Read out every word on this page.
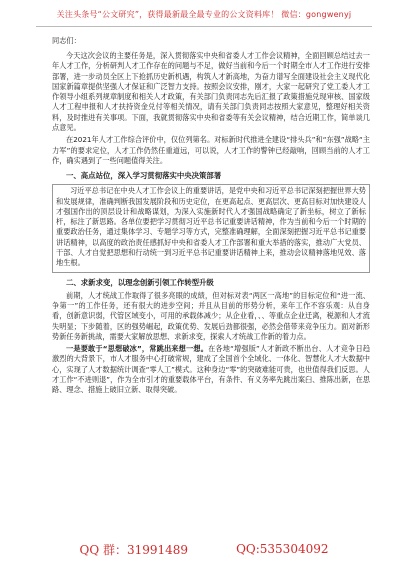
关注头条号“公文研究”，获得最新最全最专业的公文资料库！ 微信：gongwenyj

同志们：

今天这次会议的主要任务是，深入贯彻落实中央和省委人才工作会议精神，全面回顾总结过去一年人才工作，分析研判人才工作存在的问题与不足，做好当前和今后一个时期全市人才工作进行安排部署，进一步动员全区上下抢抓历史新机遇，构筑人才新高地，为奋力谱写全面建设社会主义现代化国家新篇章提供坚强人才保证和广泛智力支持。按照会议安排，刚才，大家一起研究了党工委人才工作领导小组系列规章制度和相关人才政策，有关部门负责同志先后汇报了政策措施兑现审核、国家级人才工程申报和人才扶持资金兑付等相关情况，请有关部门负责同志按照大家意见，整理好相关资料，及时推进有关事项。下面，我就贯彻落实中央和省委等有关会议精神，结合近期工作，简单谈几点意见。

在2021年人才工作综合评价中，仅位列第名。对标新时代推进全建设“排头兵”和“东强”战略“主力军”的要求定位，人才工作仍然任重道远，可以说，人才工作的警钟已经敲响，回顾当前的人才工作，确实遇到了一些问题值得关注。

一、高点站位，深入学习贯彻落实中央决策部署

习近平总书记在中央人才工作会议上的重要讲话，是党中央和习近平总书记深刻把握世界大势和发展规律，准确判断我国发展阶段和历史定位，在更高起点、更高层次、更高目标对加快建设人才强国作出的顶层设计和战略谋划，为深入实施新时代人才强国战略确定了新坐标，树立了新标杆，标注了新思路。各单位要把学习贯彻习近平总书记重要讲话精神，作为当前和今后一个时期的重要政治任务，通过集体学习、专题学习等方式，完整准确理解，全面深刻把握习近平总书记重要讲话精神，以高度的政治责任感抓好中央和省委人才工作部署和重大举措的落实，推动广大党员、干部、人才自觉把思想和行动统一到习近平总书记重要讲话精神上来，推动会议精神落地见效、落地生根。

二、求新求变，以理念创新引领工作转型升级

前期，人才统战工作取得了很多亮眼的成绩，但对标对表“两区一高地”的目标定位和“进一流、争第一”的工作任务，还有很大的进步空间；并且从目前的形势分析，来年工作不容乐观：从自身看，创新意识弱，代管区域变小，可用的承载体减少；从企业看，、、等重点企业迁离，税源和人才流失明显；下步随着，区的强势崛起，政策优势、发展后劲都很强，必然会借带来竞争压力。面对新形势新任务新挑战，需要大家解放思想、求新求变，探索人才统战工作新的着力点。

一是要敢于“思想破冰”，常跳出来想一想。在各地“增强版”人才新政不断出台、人才竞争日趋激烈的大背景下，市人才服务中心打破常规，建成了全国首个全域化、一体化、智慧化人才大数据中心，实现了人才数据统计调查“零人工”模式。这种身边“零”的突破难能可贵，也世值得我们反思。人才工作“不进则退”，作为全市引才的重要载体平台，有条件、有义务率先跳出案臼、推陈出新，在思路、理念、措施上破旧立新、取得突破。

QQ 群：31991489	QQ:535304092
